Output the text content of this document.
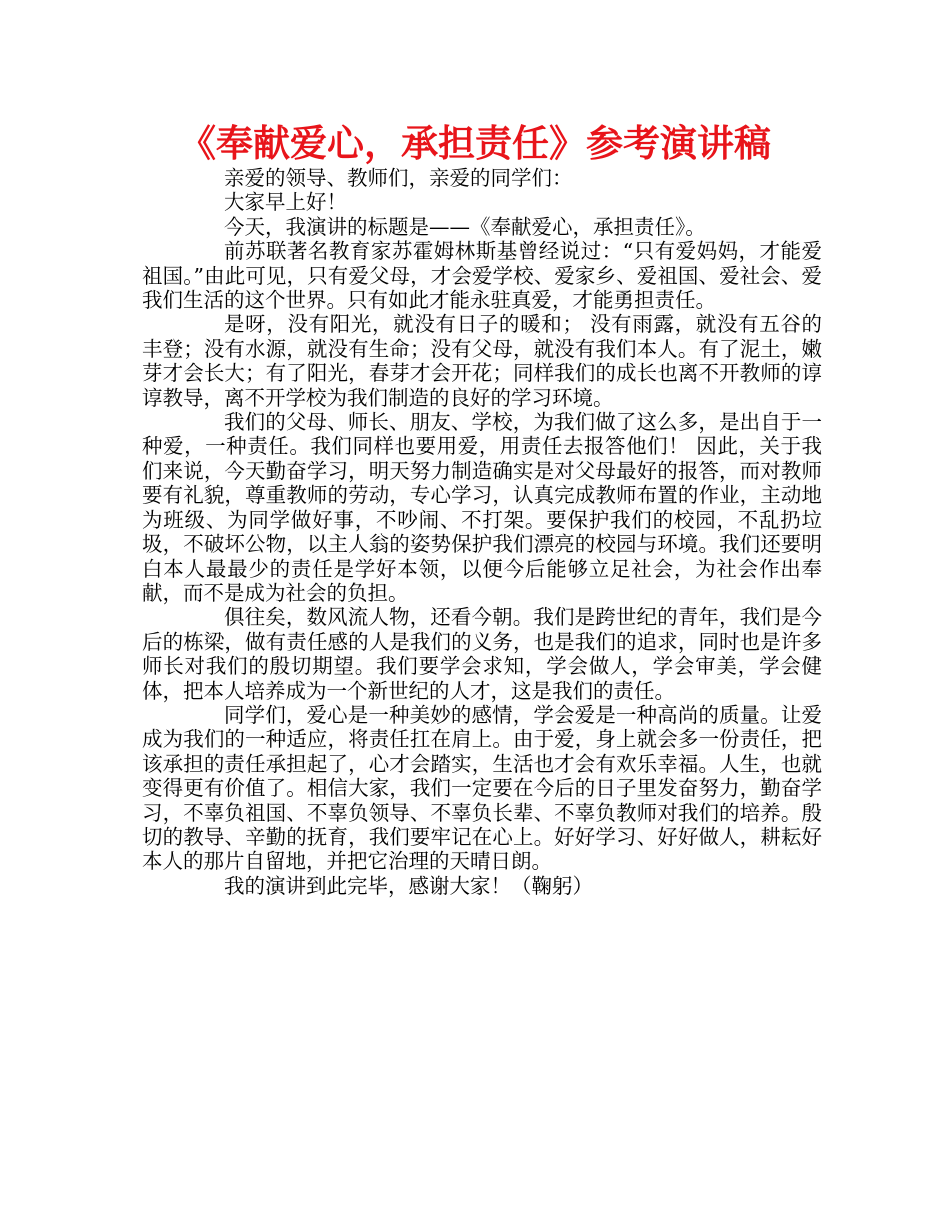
《奉献爱心，承担责任》参考演讲稿

亲爱的领导、教师们，亲爱的同学们：

大家早上好！

今天，我演讲的标题是——《奉献爱心，承担责任》。

前苏联著名教育家苏霍姆林斯基曾经说过：“只有爱妈妈，才能爱祖国。”由此可见，只有爱父母，才会爱学校、爱家乡、爱祖国、爱社会、爱我们生活的这个世界。只有如此才能永驻真爱，才能勇担责任。

是呀，没有阳光，就没有日子的暖和； 没有雨露，就没有五谷的丰登；没有水源，就没有生命；没有父母，就没有我们本人。有了泥土，嫩芽才会长大；有了阳光，春芽才会开花；同样我们的成长也离不开教师的谆谆教导，离不开学校为我们制造的良好的学习环境。

我们的父母、师长、朋友、学校，为我们做了这么多，是出自于一种爱，一种责任。我们同样也要用爱，用责任去报答他们！ 因此，关于我们来说，今天勤奋学习，明天努力制造确实是对父母最好的报答，而对教师要有礼貌，尊重教师的劳动，专心学习，认真完成教师布置的作业，主动地为班级、为同学做好事，不吵闹、不打架。要保护我们的校园，不乱扔垃圾，不破坏公物，以主人翁的姿势保护我们漂亮的校园与环境。我们还要明白本人最最少的责任是学好本领，以便今后能够立足社会，为社会作出奉献，而不是成为社会的负担。

俱往矣，数风流人物，还看今朝。我们是跨世纪的青年，我们是今后的栋梁，做有责任感的人是我们的义务，也是我们的追求，同时也是许多师长对我们的殷切期望。我们要学会求知，学会做人，学会审美，学会健体，把本人培养成为一个新世纪的人才，这是我们的责任。

同学们，爱心是一种美妙的感情，学会爱是一种高尚的质量。让爱成为我们的一种适应，将责任扛在肩上。由于爱，身上就会多一份责任，把该承担的责任承担起了，心才会踏实，生活也才会有欢乐幸福。人生，也就变得更有价值了。相信大家，我们一定要在今后的日子里发奋努力，勤奋学习，不辜负祖国、不辜负领导、不辜负长辈、不辜负教师对我们的培养。殷切的教导、辛勤的抚育，我们要牢记在心上。好好学习、好好做人，耕耘好本人的那片自留地，并把它治理的天晴日朗。

我的演讲到此完毕，感谢大家！（鞠躬）
